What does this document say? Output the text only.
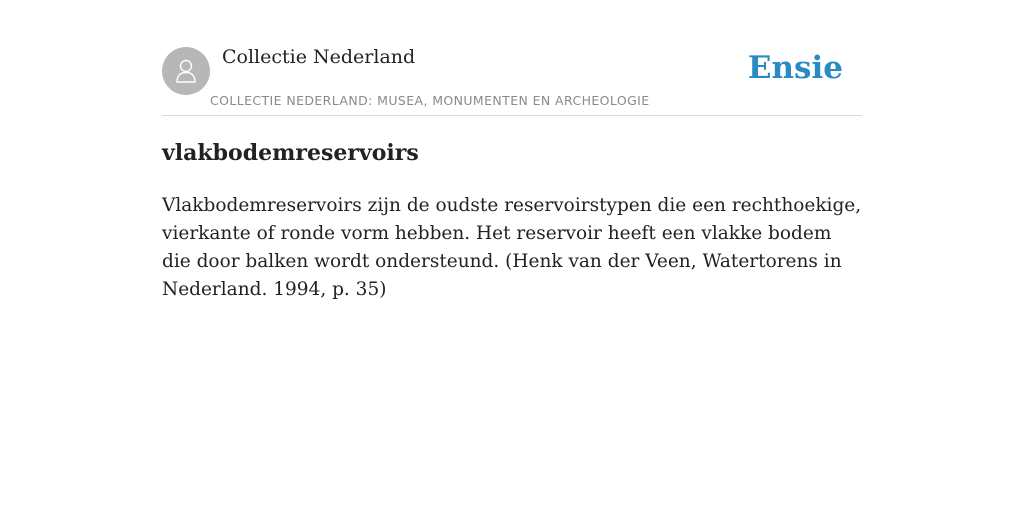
Collectie Nederland
COLLECTIE NEDERLAND: MUSEA, MONUMENTEN EN ARCHEOLOGIE
Ensie
vlakbodemreservoirs

Vlakbodemreservoirs zijn de oudste reservoirstypen die een rechthoekige, vierkante of ronde vorm hebben. Het reservoir heeft een vlakke bodem die door balken wordt ondersteund. (Henk van der Veen, Watertorens in Nederland. 1994, p. 35)
